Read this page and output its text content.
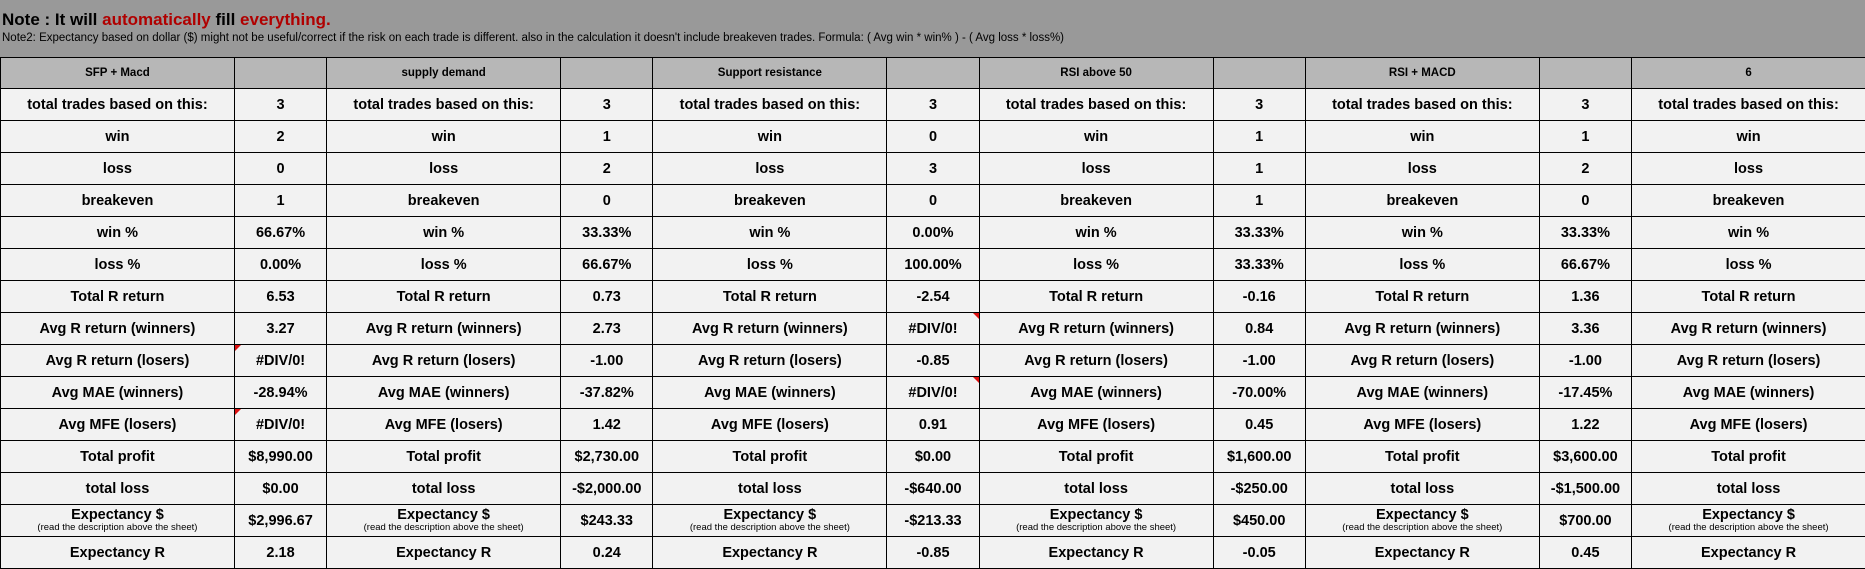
Note : It will automatically fill everything.
Note2: Expectancy based on dollar ($) might not be useful/correct if the risk on each trade is different. also in the calculation it doesn't include breakeven trades. Formula: ( Avg win * win% ) - ( Avg loss * loss%)
SFP + Macd		supply demand		Support resistance		RSI above 50		RSI + MACD		6
total trades based on this:	3	total trades based on this:	3	total trades based on this:	3	total trades based on this:	3	total trades based on this:	3	total trades based on this:
win	2	win	1	win	0	win	1	win	1	win
loss	0	loss	2	loss	3	loss	1	loss	2	loss
breakeven	1	breakeven	0	breakeven	0	breakeven	1	breakeven	0	breakeven
win %	66.67%	win %	33.33%	win %	0.00%	win %	33.33%	win %	33.33%	win %
loss %	0.00%	loss %	66.67%	loss %	100.00%	loss %	33.33%	loss %	66.67%	loss %
Total R return	6.53	Total R return	0.73	Total R return	-2.54	Total R return	-0.16	Total R return	1.36	Total R return
Avg R return (winners)	3.27	Avg R return (winners)	2.73	Avg R return (winners)	#DIV/0!	Avg R return (winners)	0.84	Avg R return (winners)	3.36	Avg R return (winners)
Avg R return (losers)	#DIV/0!	Avg R return (losers)	-1.00	Avg R return (losers)	-0.85	Avg R return (losers)	-1.00	Avg R return (losers)	-1.00	Avg R return (losers)
Avg MAE (winners)	-28.94%	Avg MAE (winners)	-37.82%	Avg MAE (winners)	#DIV/0!	Avg MAE (winners)	-70.00%	Avg MAE (winners)	-17.45%	Avg MAE (winners)
Avg MFE (losers)	#DIV/0!	Avg MFE (losers)	1.42	Avg MFE (losers)	0.91	Avg MFE (losers)	0.45	Avg MFE (losers)	1.22	Avg MFE (losers)
Total profit	$8,990.00	Total profit	$2,730.00	Total profit	$0.00	Total profit	$1,600.00	Total profit	$3,600.00	Total profit
total loss	$0.00	total loss	-$2,000.00	total loss	-$640.00	total loss	-$250.00	total loss	-$1,500.00	total loss
Expectancy $
(read the description above the sheet)	$2,996.67	Expectancy $
(read the description above the sheet)	$243.33	Expectancy $
(read the description above the sheet)	-$213.33	Expectancy $
(read the description above the sheet)	$450.00	Expectancy $
(read the description above the sheet)	$700.00	Expectancy $
(read the description above the sheet)

Expectancy R	2.18	Expectancy R	0.24	Expectancy R	-0.85	Expectancy R	-0.05	Expectancy R	0.45	Expectancy R
